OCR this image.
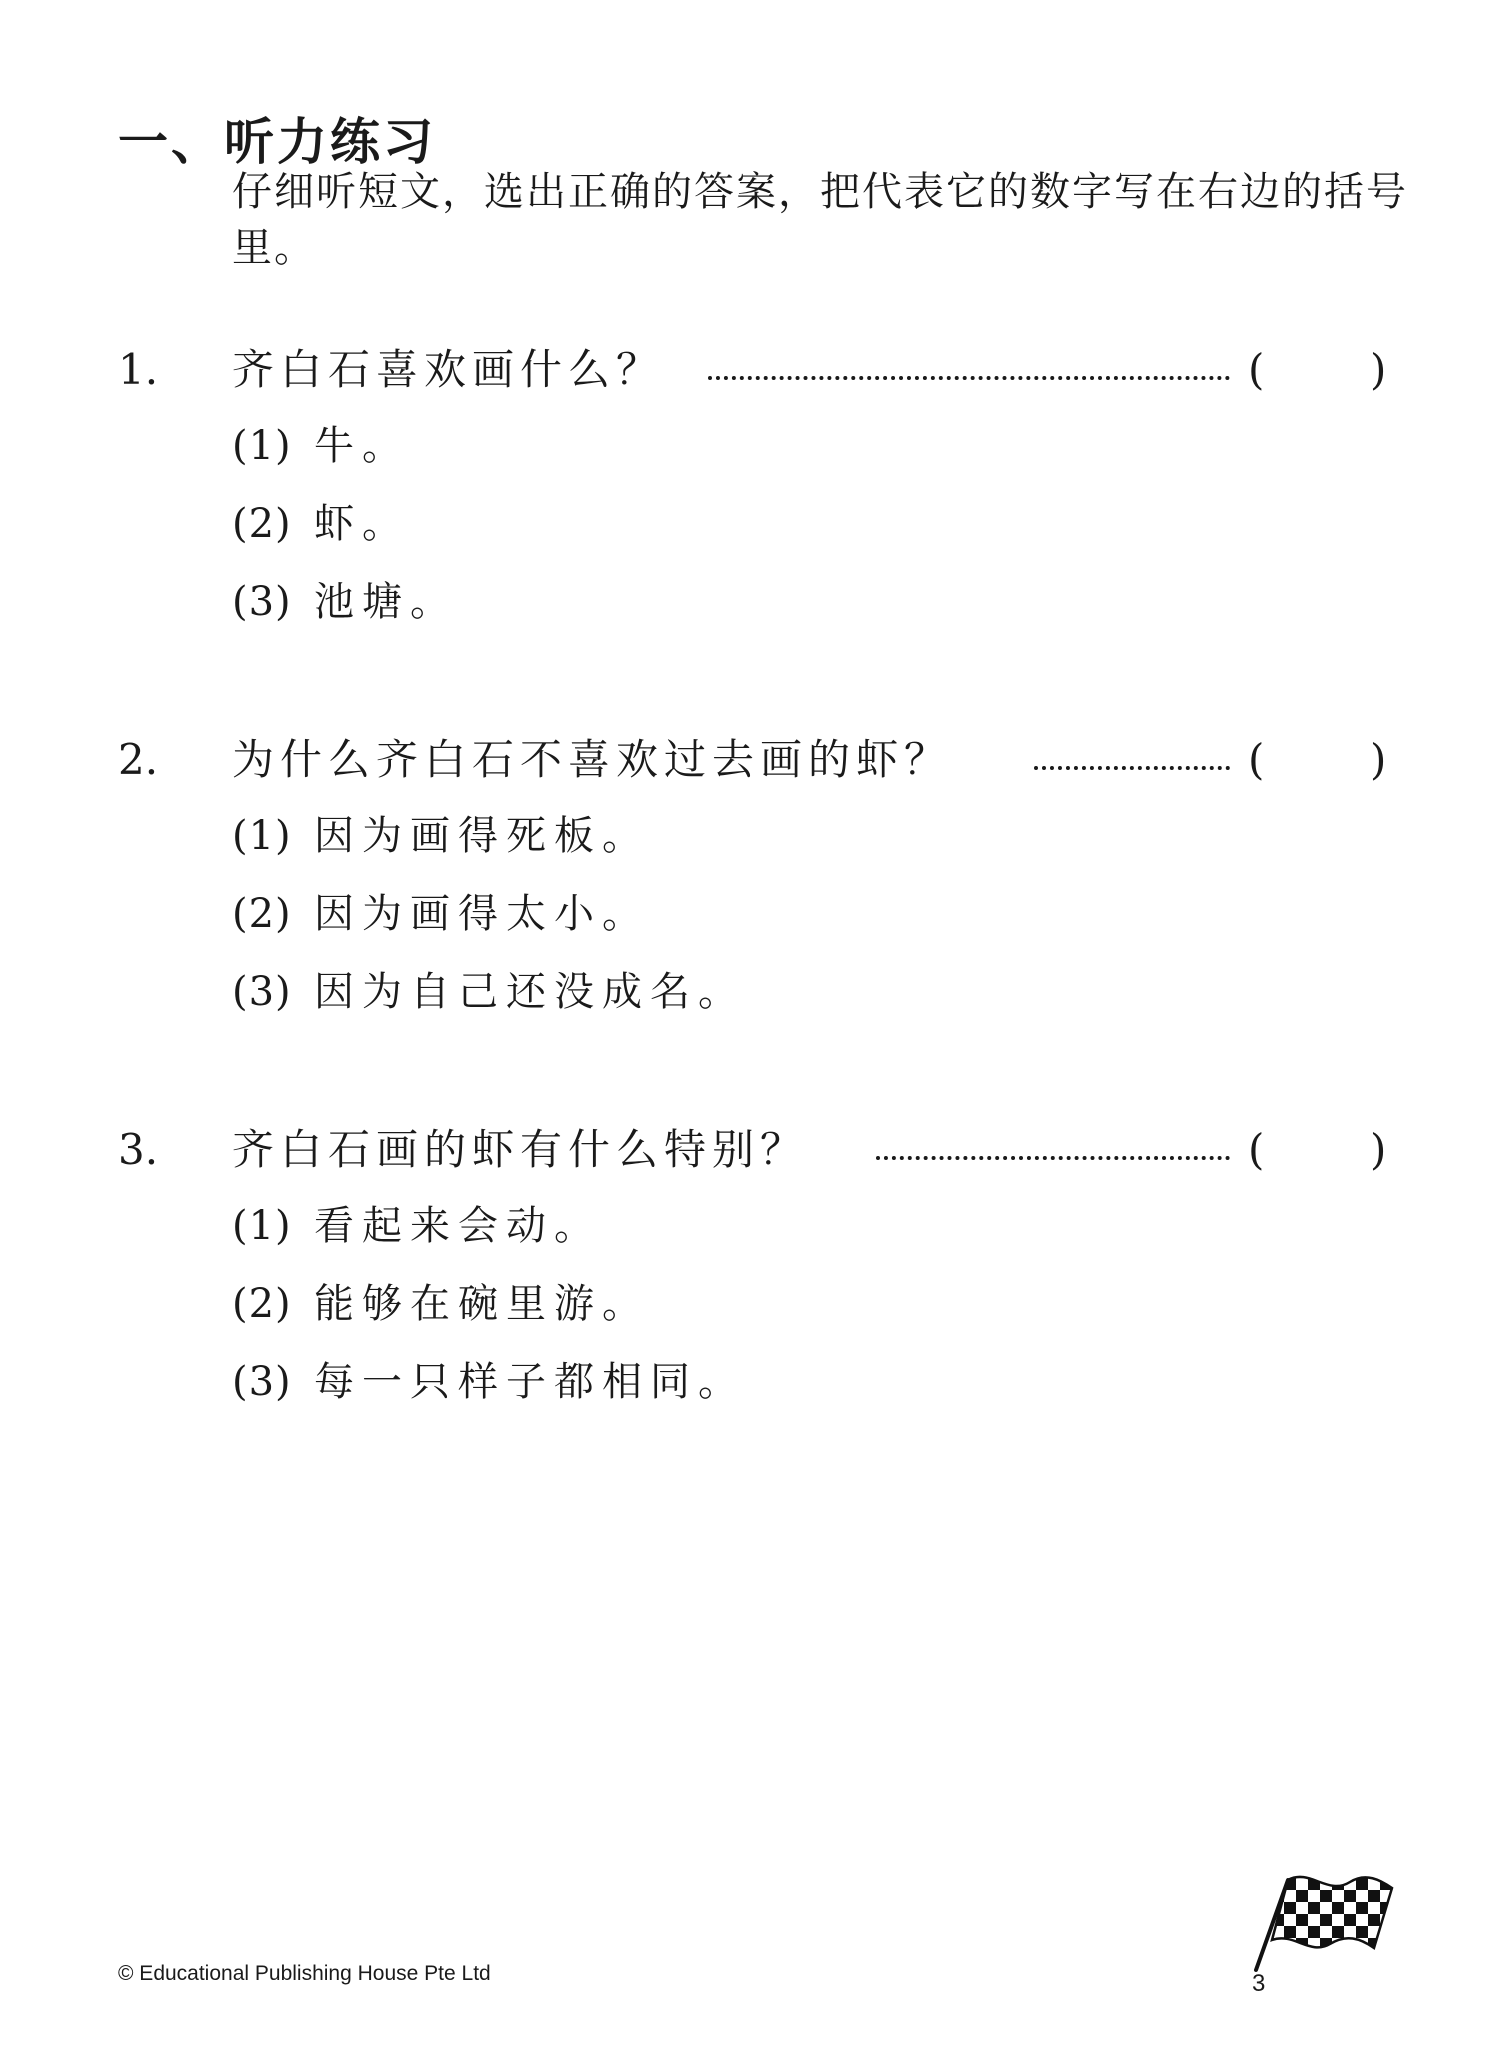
一、听力练习
仔细听短文，选出正确的答案，把代表它的数字写在右边的括号里。
1. 齐白石喜欢画什么？	(	)
(1) 牛。
(2) 虾。
(3) 池塘。
2. 为什么齐白石不喜欢过去画的虾？	(	)
(1) 因为画得死板。
(2) 因为画得太小。
(3) 因为自己还没成名。
3. 齐白石画的虾有什么特别？	(	)
(1) 看起来会动。
(2) 能够在碗里游。
(3) 每一只样子都相同。
© Educational Publishing House Pte Ltd	3
